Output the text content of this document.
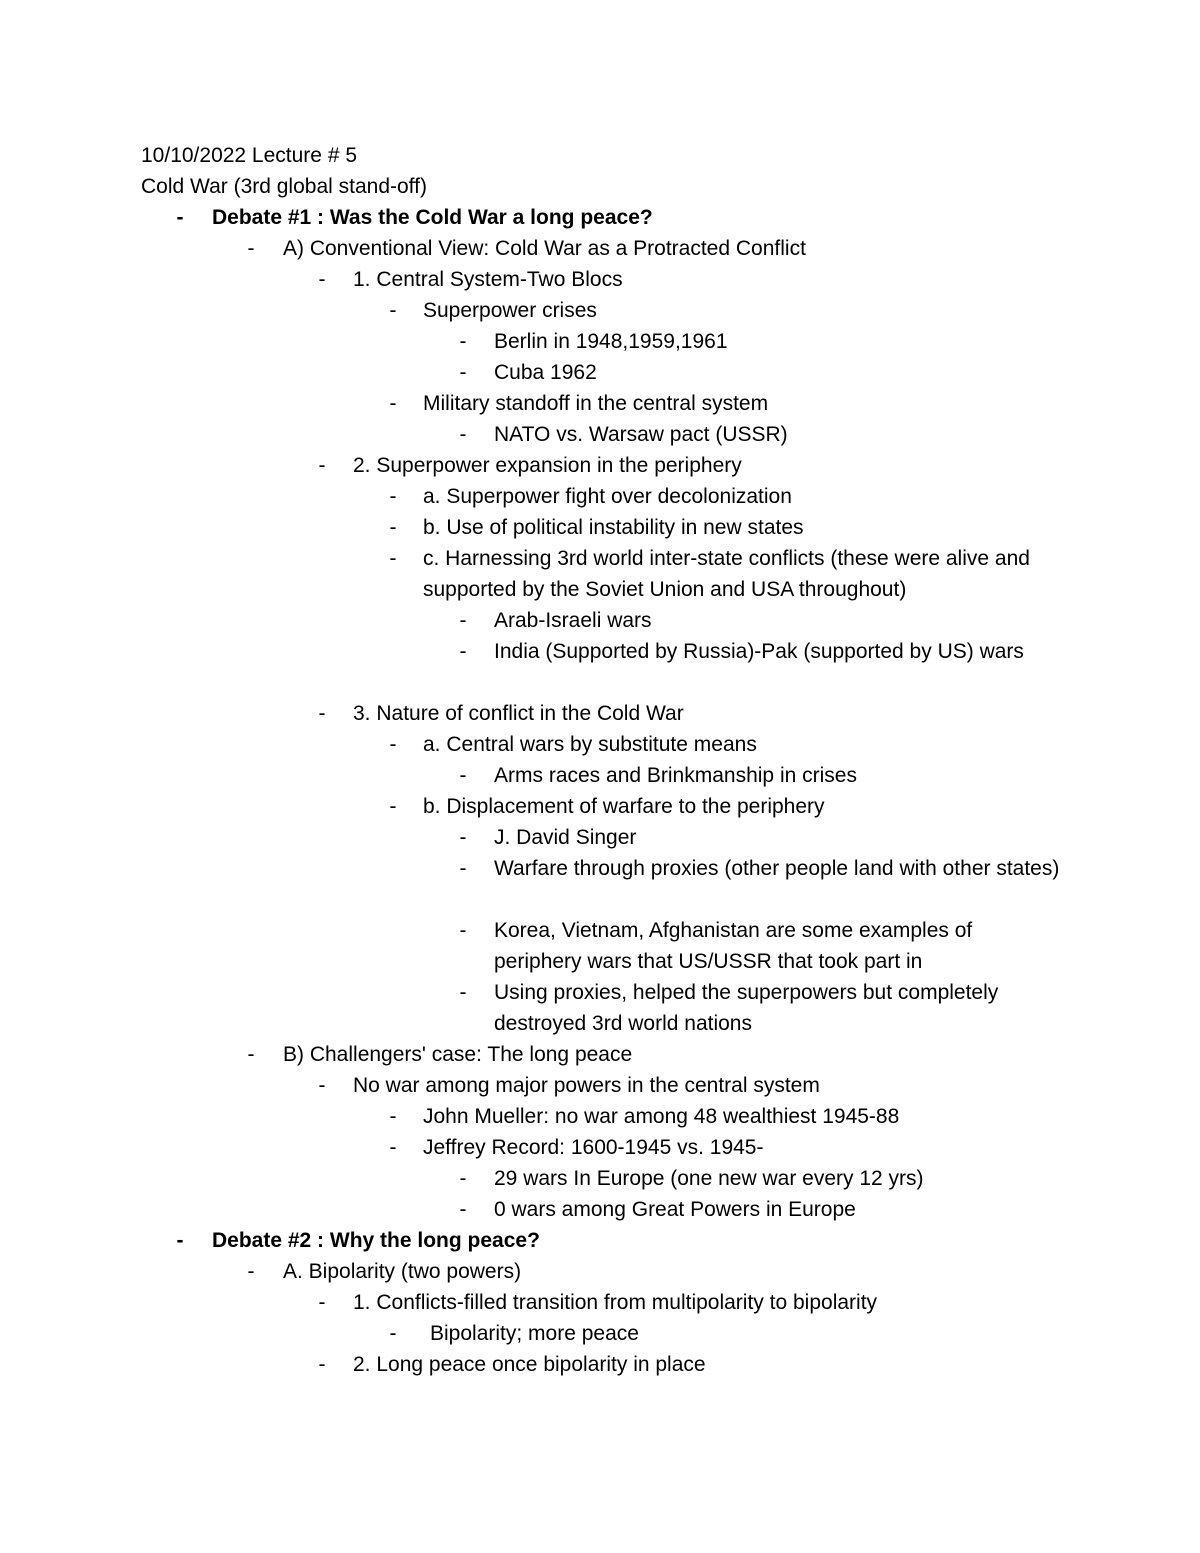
10/10/2022 Lecture # 5
Cold War (3rd global stand-off)
- Debate #1 : Was the Cold War a long peace?
- A) Conventional View: Cold War as a Protracted Conflict
- 1. Central System-Two Blocs
- Superpower crises
- Berlin in 1948,1959,1961
- Cuba 1962
- Military standoff in the central system
- NATO vs. Warsaw pact (USSR)
- 2. Superpower expansion in the periphery
- a. Superpower fight over decolonization
- b. Use of political instability in new states
- c. Harnessing 3rd world inter-state conflicts (these were alive and supported by the Soviet Union and USA throughout)
- Arab-Israeli wars
- India (Supported by Russia)-Pak (supported by US) wars
- 3. Nature of conflict in the Cold War
- a. Central wars by substitute means
- Arms races and Brinkmanship in crises
- b. Displacement of warfare to the periphery
- J. David Singer
- Warfare through proxies (other people land with other states)
- Korea, Vietnam, Afghanistan are some examples of periphery wars that US/USSR that took part in
- Using proxies, helped the superpowers but completely destroyed 3rd world nations
- B) Challengers' case: The long peace
- No war among major powers in the central system
- John Mueller: no war among 48 wealthiest 1945-88
- Jeffrey Record: 1600-1945 vs. 1945-
- 29 wars In Europe (one new war every 12 yrs)
- 0 wars among Great Powers in Europe
- Debate #2 : Why the long peace?
- A. Bipolarity (two powers)
- 1. Conflicts-filled transition from multipolarity to bipolarity
- Bipolarity; more peace
- 2. Long peace once bipolarity in place
